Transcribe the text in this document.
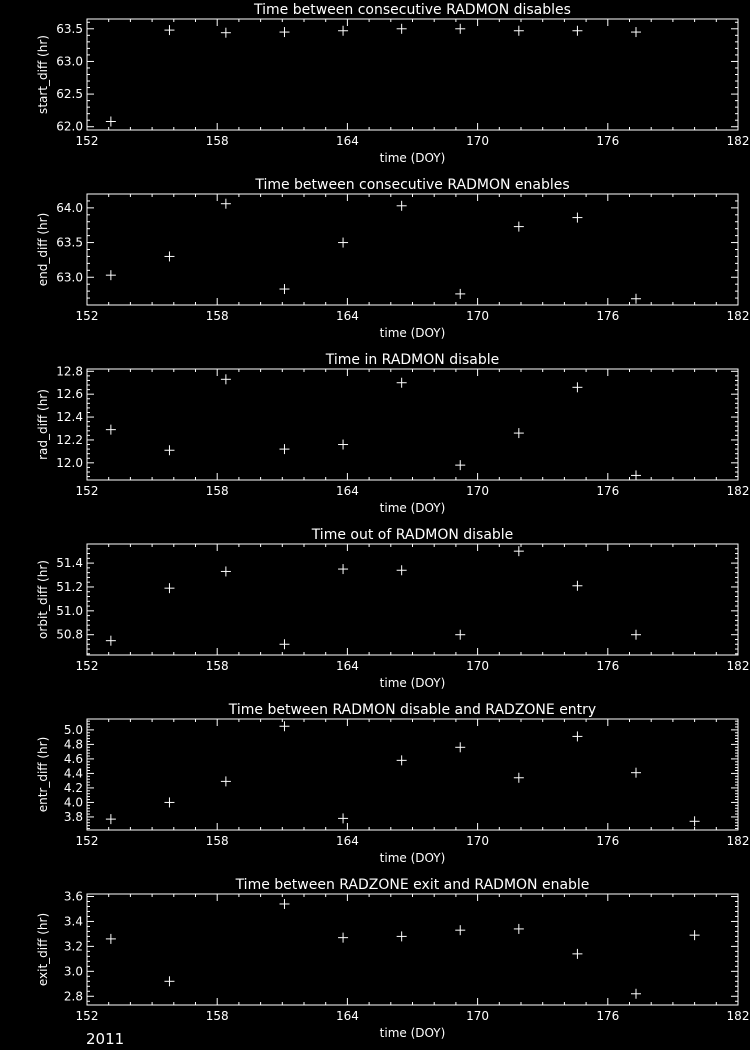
Time between consecutive RADMON disables
152	158	164	170	176	182
62.0
62.5
63.0
63.5
time (DOY)
start_diff (hr)
Time between consecutive RADMON enables
152	158	164	170	176	182
63.0
63.5
64.0
time (DOY)
end_diff (hr)
Time in RADMON disable
152	158	164	170	176	182
12.0
12.2
12.4
12.6
12.8
time (DOY)
rad_diff (hr)
Time out of RADMON disable
152	158	164	170	176	182
50.8
51.0
51.2
51.4
time (DOY)
orbit_diff (hr)
Time between RADMON disable and RADZONE entry
152	158	164	170	176	182
3.8
4.0
4.2
4.4
4.6
4.8
5.0
time (DOY)
entr_diff (hr)
Time between RADZONE exit and RADMON enable
152	158	164	170	176	182
2.8
3.0
3.2
3.4
3.6
time (DOY)
exit_diff (hr)
2011
